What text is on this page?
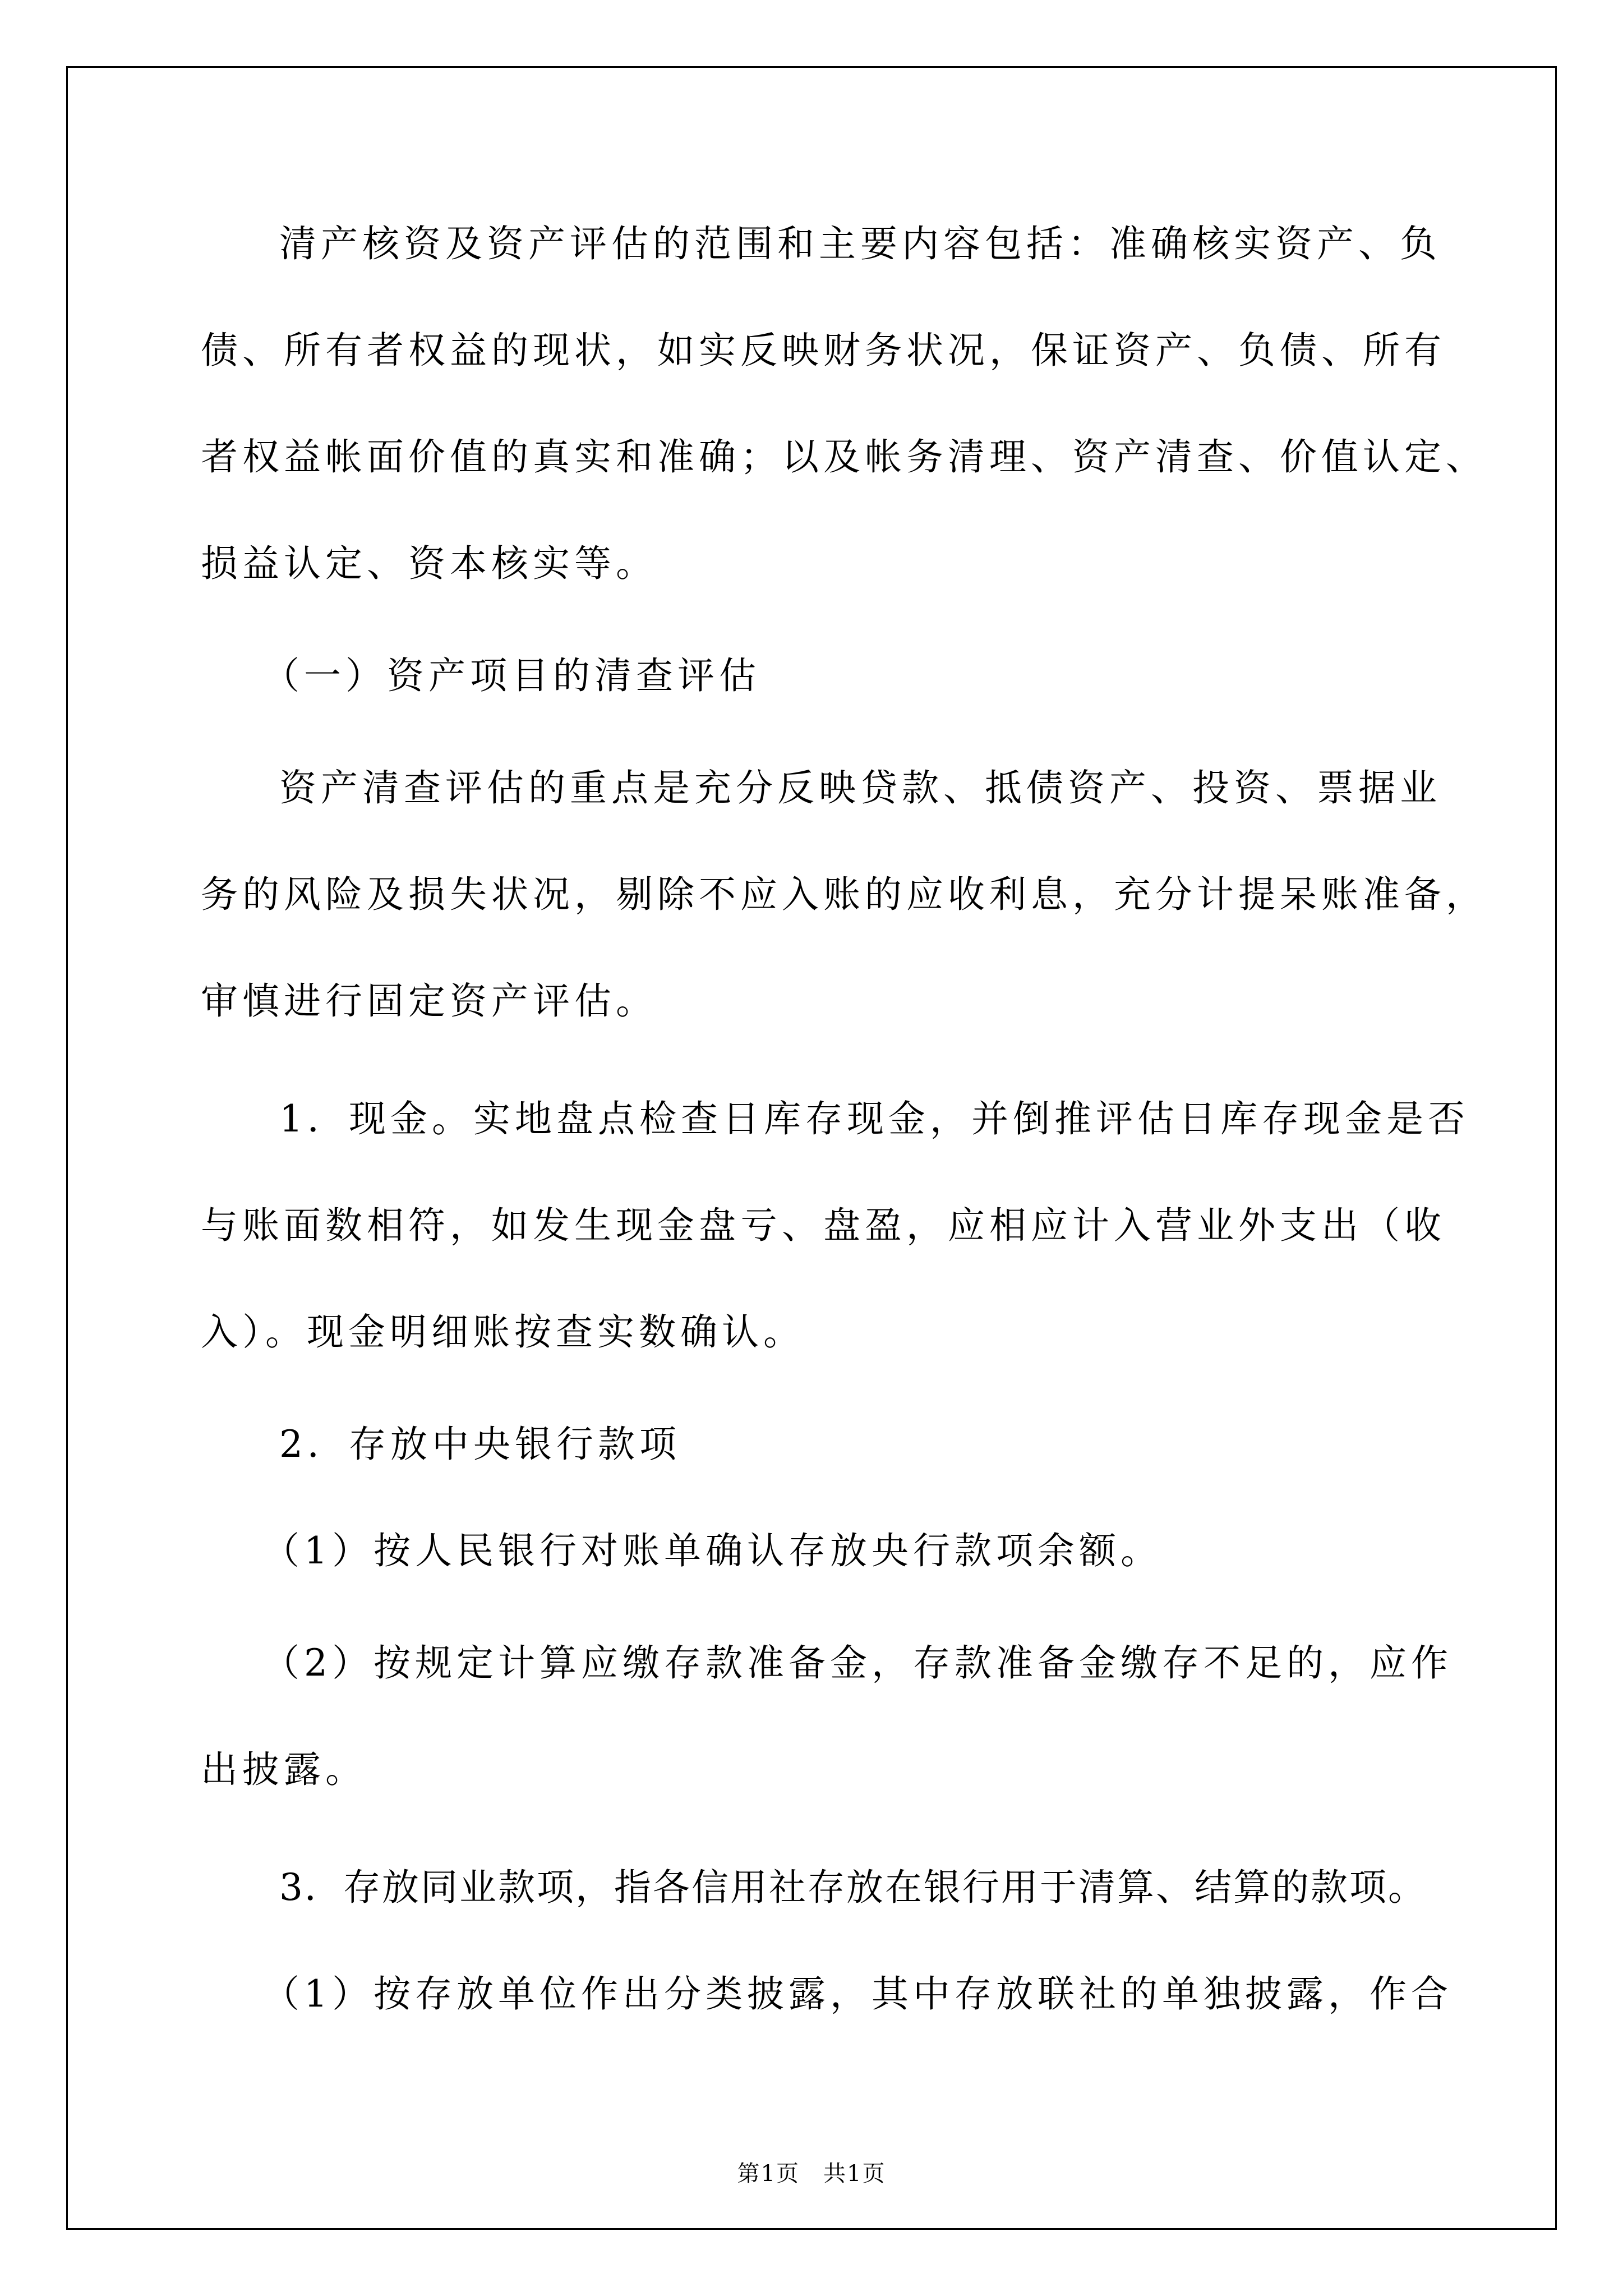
清产核资及资产评估的范围和主要内容包括：准确核实资产、负
债、所有者权益的现状，如实反映财务状况，保证资产、负债、所有
者权益帐面价值的真实和准确；以及帐务清理、资产清查、价值认定、
损益认定、资本核实等。
（一）资产项目的清查评估
资产清查评估的重点是充分反映贷款、抵债资产、投资、票据业
务的风险及损失状况，剔除不应入账的应收利息，充分计提呆账准备，
审慎进行固定资产评估。
1．现金。实地盘点检查日库存现金，并倒推评估日库存现金是否
与账面数相符，如发生现金盘亏、盘盈，应相应计入营业外支出（收
入）。现金明细账按查实数确认。
2．存放中央银行款项
（1）按人民银行对账单确认存放央行款项余额。
（2）按规定计算应缴存款准备金，存款准备金缴存不足的，应作
出披露。
3．存放同业款项，指各信用社存放在银行用于清算、结算的款项。
（1）按存放单位作出分类披露，其中存放联社的单独披露，作合
第1页　共1页
